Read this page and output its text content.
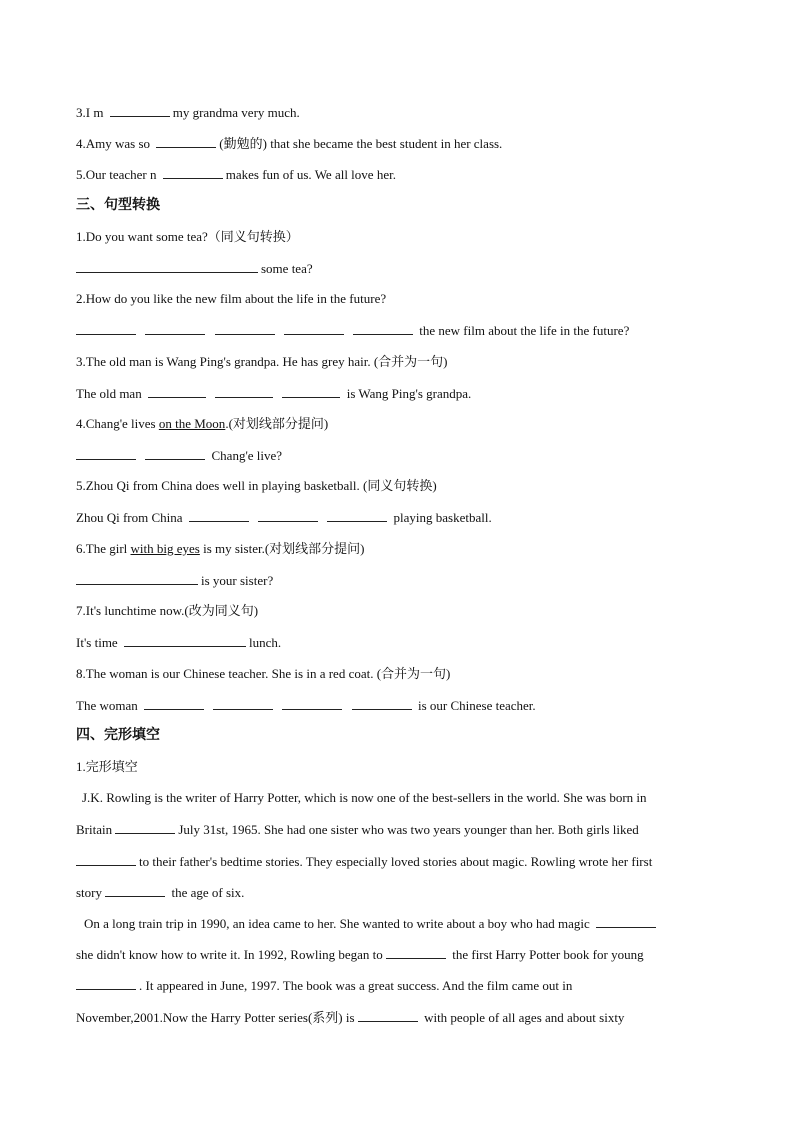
3.I m	my grandma very much.
4.Amy was so	(勤勉的) that she became the best student in her class.
5.Our teacher n	makes fun of us. We all love her.
三、句型转换
1.Do you want some tea?（同义句转换）
some tea?
2.How do you like the new film about the life in the future?
the new film about the life in the future?
3.The old man is Wang Ping's grandpa. He has grey hair. (合并为一句)
The old man	is Wang Ping's grandpa.
4.Chang'e lives on the Moon.(对划线部分提问)
Chang'e live?
5.Zhou Qi from China does well in playing basketball. (同义句转换)
Zhou Qi from China	playing basketball.
6.The girl with big eyes is my sister.(对划线部分提问)
is your sister?
7.It's lunchtime now.(改为同义句)
It's time	lunch.
8.The woman is our Chinese teacher. She is in a red coat. (合并为一句)
The woman	is our Chinese teacher.
四、完形填空
1.完形填空
J.K. Rowling is the writer of Harry Potter, which is now one of the best-sellers in the world. She was born in
Britain	July 31st, 1965. She had one sister who was two years younger than her. Both girls liked
to their father's bedtime stories. They especially loved stories about magic. Rowling wrote her first
story	the age of six.
On a long train trip in 1990, an idea came to her. She wanted to write about a boy who had magic
she didn't know how to write it. In 1992, Rowling began to	the first Harry Potter book for young
. It appeared in June, 1997. The book was a great success. And the film came out in
November,2001.Now the Harry Potter series(系列) is	with people of all ages and about sixty
